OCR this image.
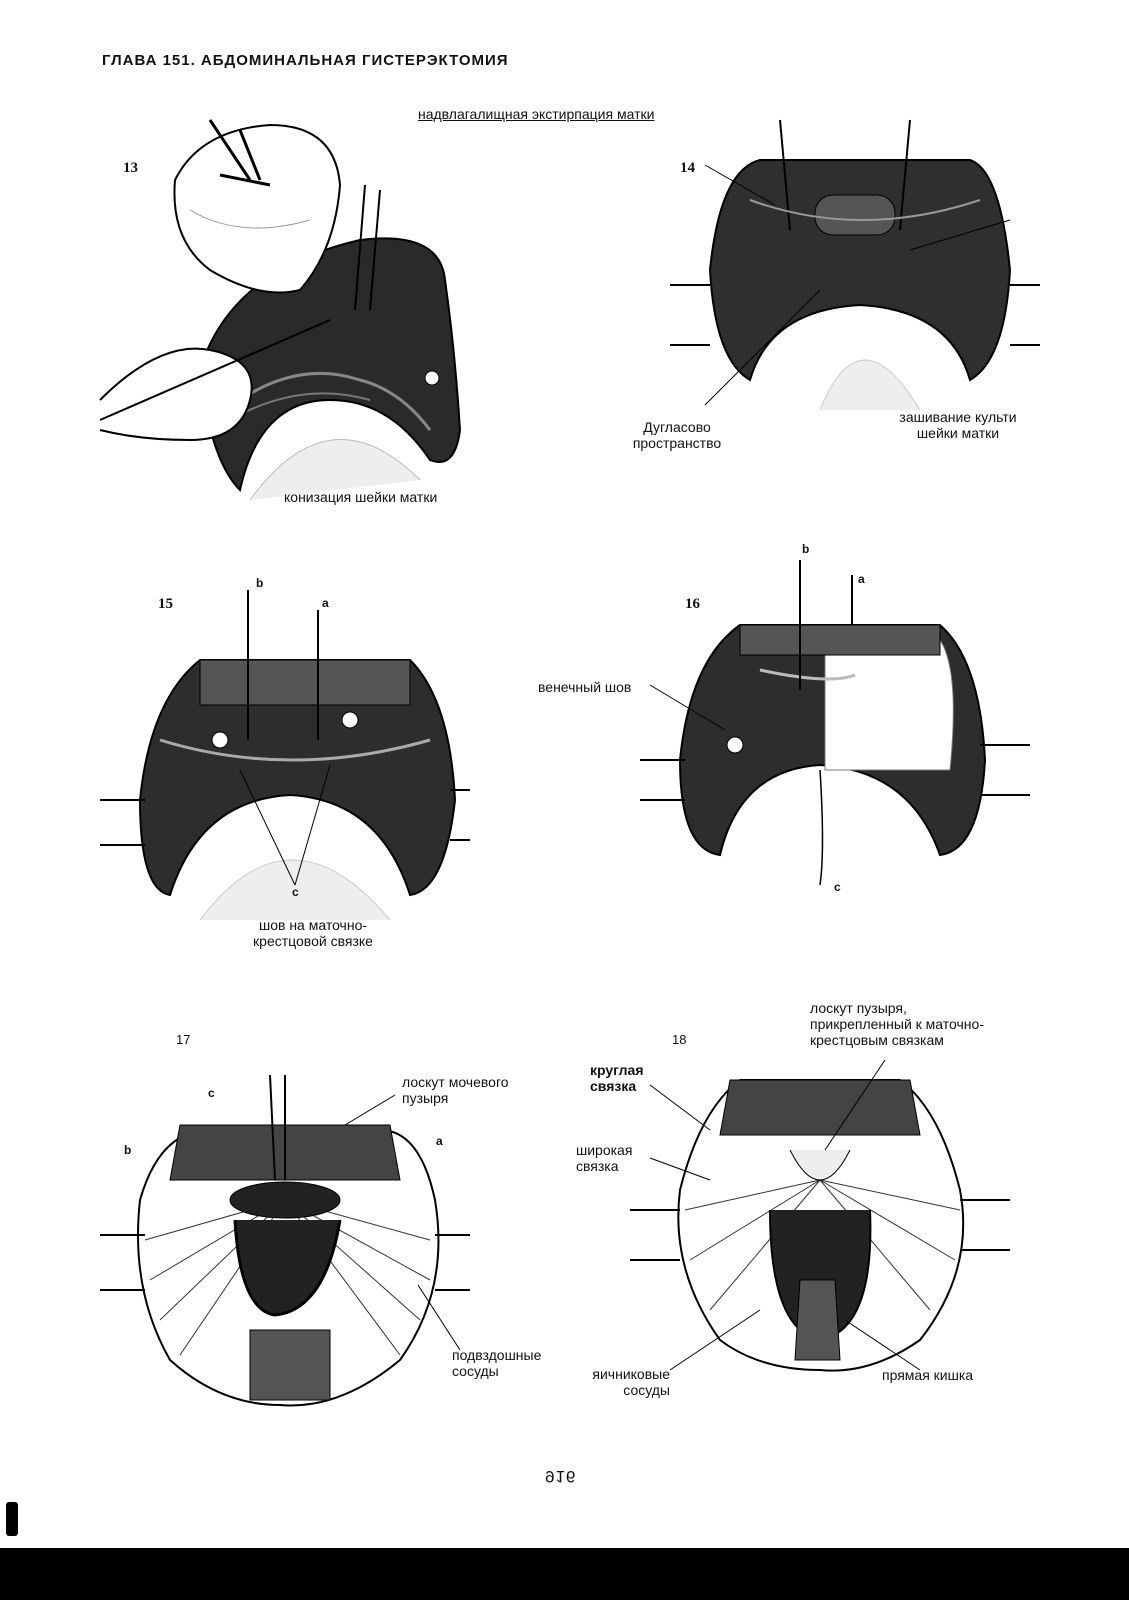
ГЛАВА 151. АБДОМИНАЛЬНАЯ ГИСТЕРЭКТОМИЯ
надвлагалищная экстирпация матки
13
конизация шейки матки
14
Дугласово
пространство
зашивание культи
шейки матки
15
b
a
c
шов на маточно-
крестцовой связке
16
b
a
венечный шов
c
17
c
b
a
лоскут мочевого
пузыря
подвздошные
сосуды
18
лоскут пузыря,
прикрепленный к маточно-
крестцовым связкам
круглая
связка
широкая
связка
яичниковые
сосуды
прямая кишка
916
